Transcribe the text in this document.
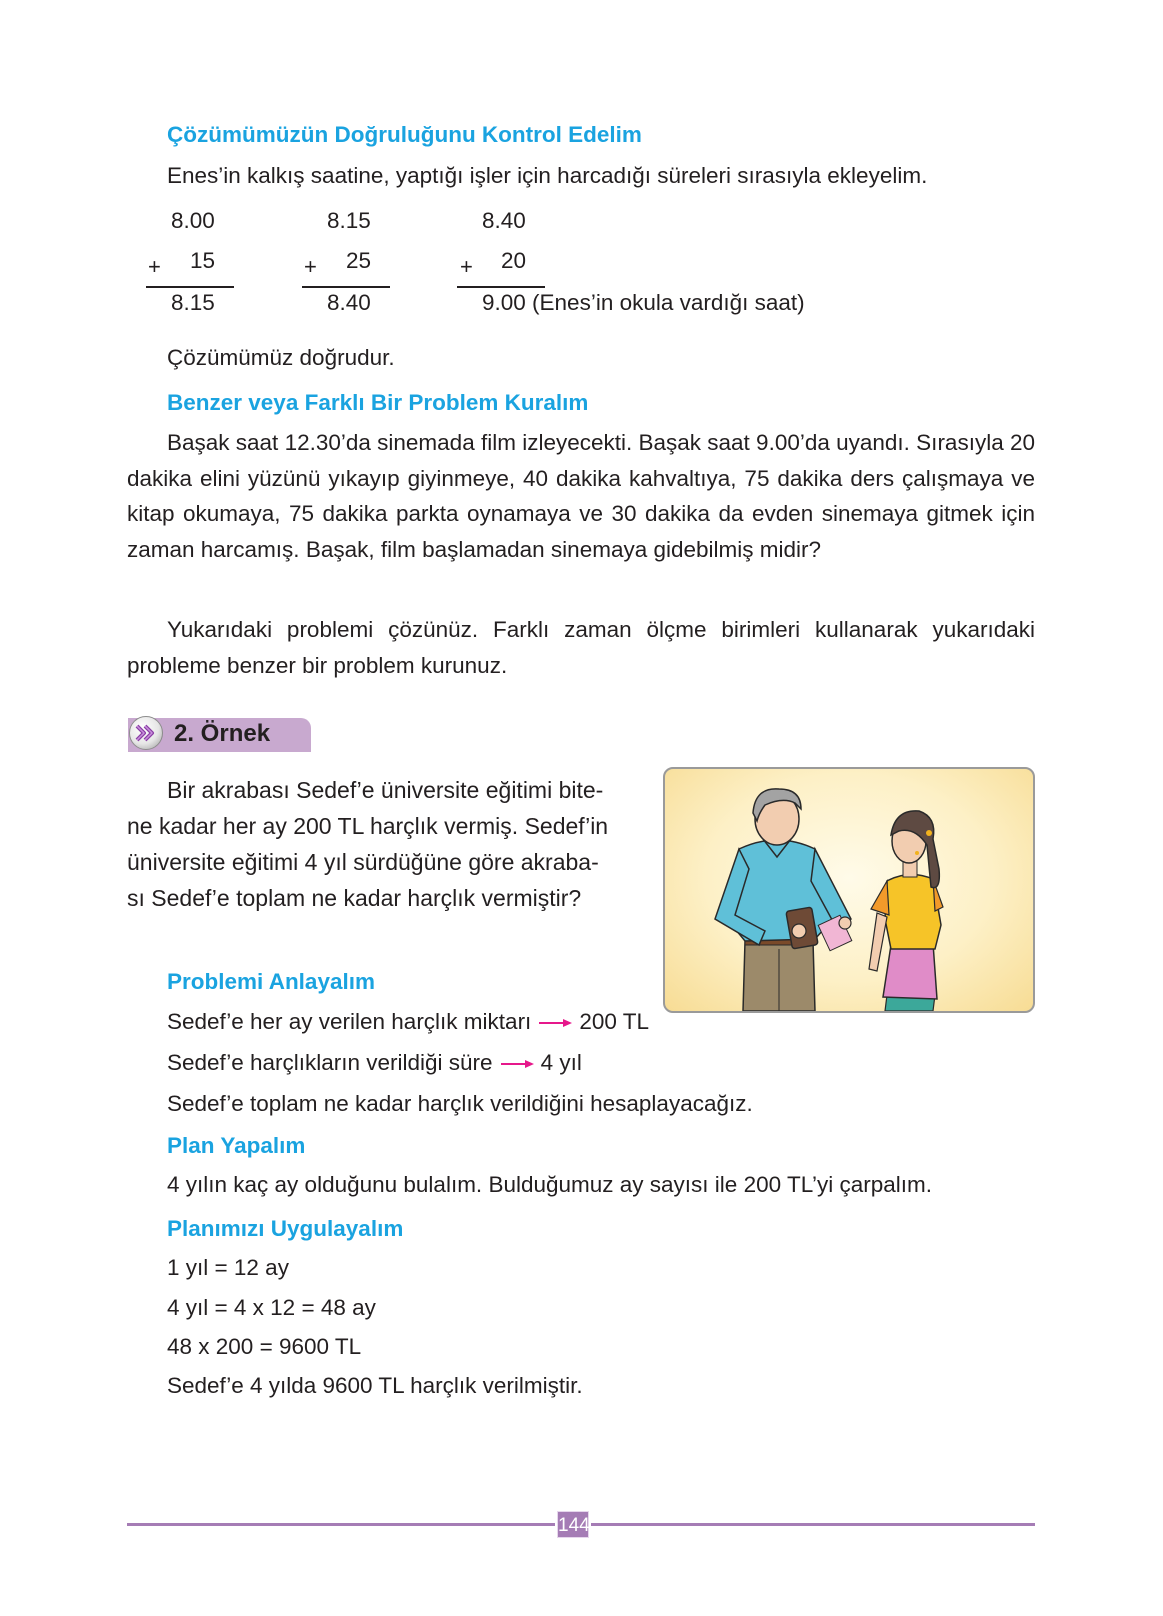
Çözümümüzün Doğruluğunu Kontrol Edelim
Enes’in kalkış saatine, yaptığı işler için harcadığı süreleri sırasıyla ekleyelim.
8.00
+ 15
8.15
8.15
+ 25
8.40
8.40
+ 20
9.00 (Enes’in okula vardığı saat)
Çözümümüz doğrudur.
Benzer veya Farklı Bir Problem Kuralım
Başak saat 12.30’da sinemada film izleyecekti. Başak saat 9.00’da uyandı. Sırasıyla 20 dakika elini yüzünü yıkayıp giyinmeye, 40 dakika kahvaltıya, 75 dakika ders çalışmaya ve kitap okumaya, 75 dakika parkta oynamaya ve 30 dakika da evden sinemaya gitmek için zaman harcamış. Başak, film başlamadan sinemaya gidebilmiş midir?
Yukarıdaki problemi çözünüz. Farklı zaman ölçme birimleri kullanarak yukarıdaki probleme benzer bir problem kurunuz.
2. Örnek
Bir akrabası Sedef’e üniversite eğitimi bite-
ne kadar her ay 200 TL harçlık vermiş. Sedef’in
üniversite eğitimi 4 yıl sürdüğüne göre akraba-
sı Sedef’e toplam ne kadar harçlık vermiştir?
Problemi Anlayalım
Sedef’e her ay verilen harçlık miktarı 200 TL
Sedef’e harçlıkların verildiği süre 4 yıl
Sedef’e toplam ne kadar harçlık verildiğini hesaplayacağız.
Plan Yapalım
4 yılın kaç ay olduğunu bulalım. Bulduğumuz ay sayısı ile 200 TL’yi çarpalım.
Planımızı Uygulayalım
1 yıl = 12 ay
4 yıl = 4 x 12 = 48 ay
48 x 200 = 9600 TL
Sedef’e 4 yılda 9600 TL harçlık verilmiştir.
144
